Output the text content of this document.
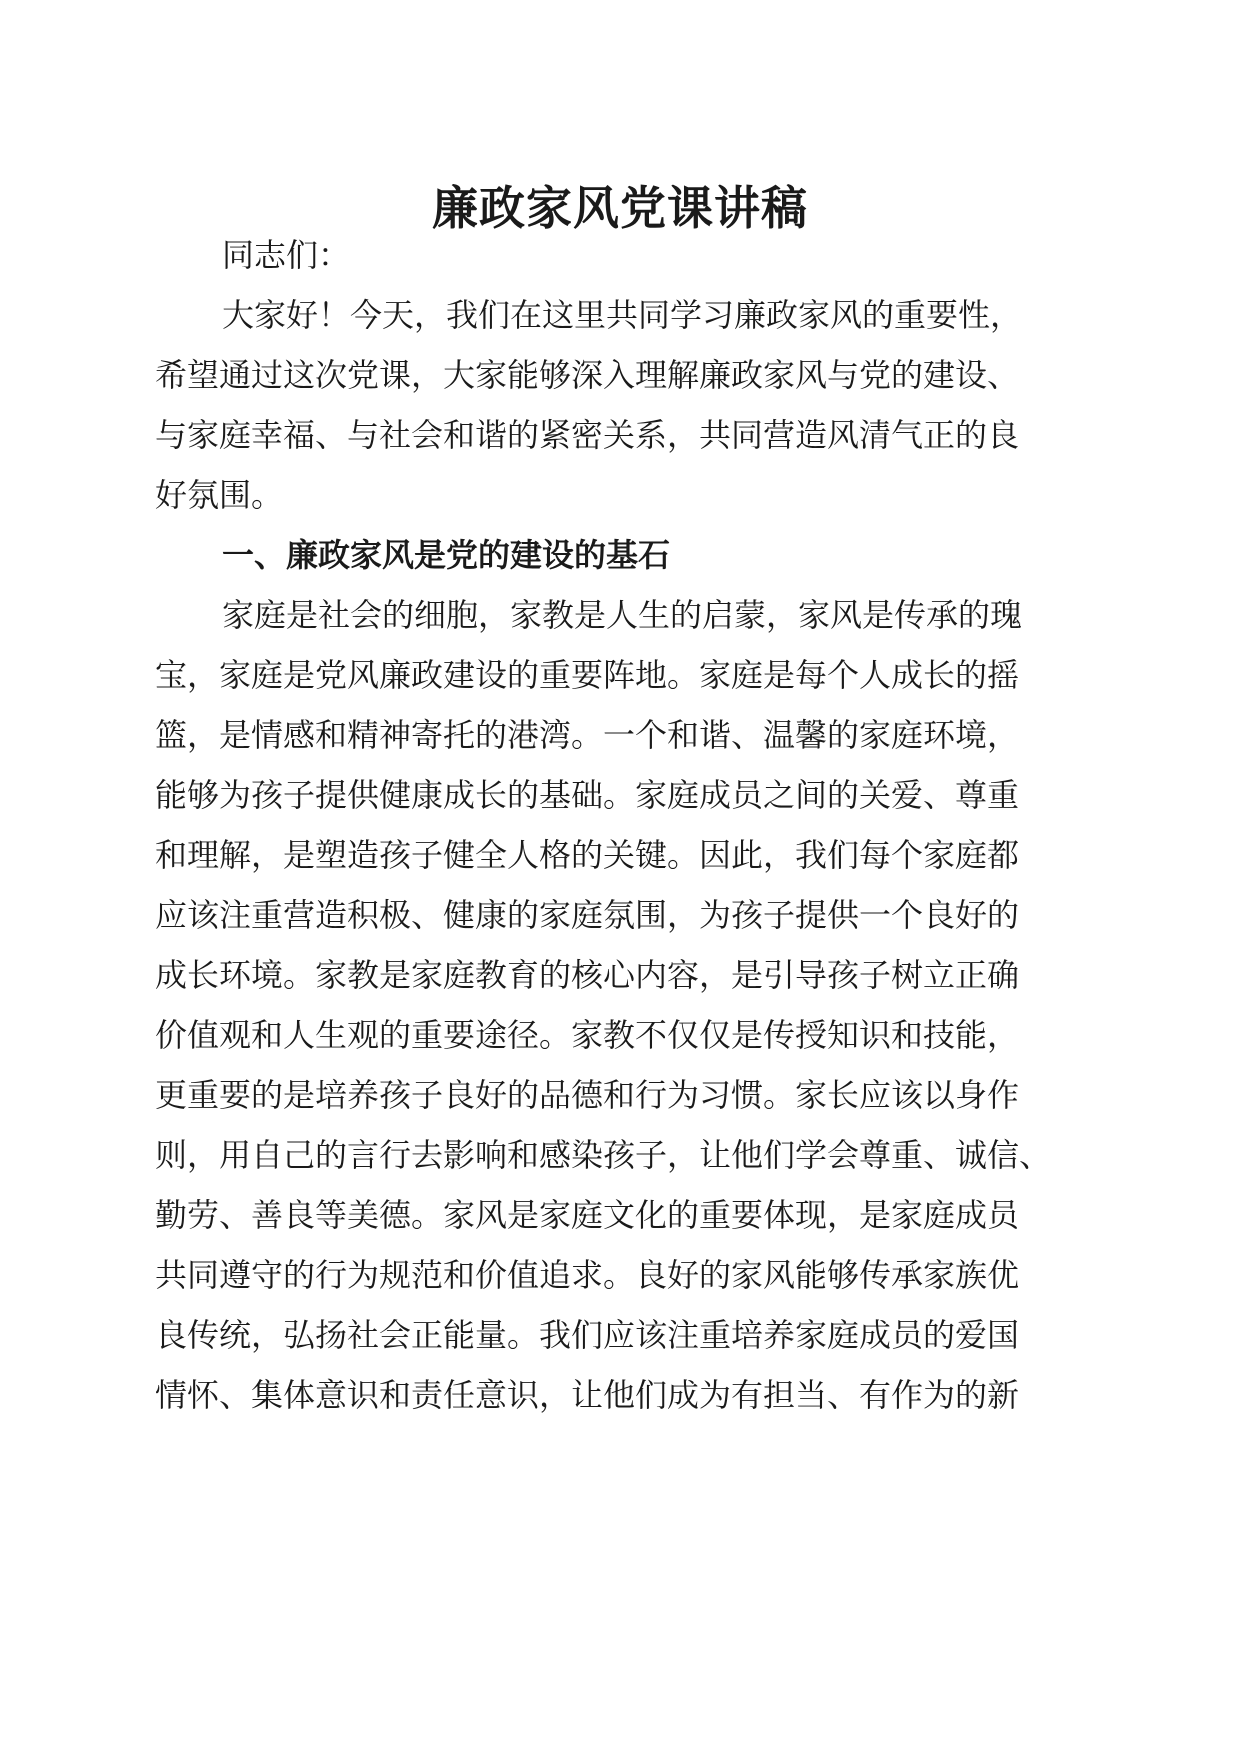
廉政家风党课讲稿
同志们：
大家好！今天，我们在这里共同学习廉政家风的重要性，
希望通过这次党课，大家能够深入理解廉政家风与党的建设、
与家庭幸福、与社会和谐的紧密关系，共同营造风清气正的良
好氛围。
一、廉政家风是党的建设的基石
家庭是社会的细胞，家教是人生的启蒙，家风是传承的瑰
宝，家庭是党风廉政建设的重要阵地。家庭是每个人成长的摇
篮，是情感和精神寄托的港湾。一个和谐、温馨的家庭环境，
能够为孩子提供健康成长的基础。家庭成员之间的关爱、尊重
和理解，是塑造孩子健全人格的关键。因此，我们每个家庭都
应该注重营造积极、健康的家庭氛围，为孩子提供一个良好的
成长环境。家教是家庭教育的核心内容，是引导孩子树立正确
价值观和人生观的重要途径。家教不仅仅是传授知识和技能，
更重要的是培养孩子良好的品德和行为习惯。家长应该以身作
则，用自己的言行去影响和感染孩子，让他们学会尊重、诚信、
勤劳、善良等美德。家风是家庭文化的重要体现，是家庭成员
共同遵守的行为规范和价值追求。良好的家风能够传承家族优
良传统，弘扬社会正能量。我们应该注重培养家庭成员的爱国
情怀、集体意识和责任意识，让他们成为有担当、有作为的新
